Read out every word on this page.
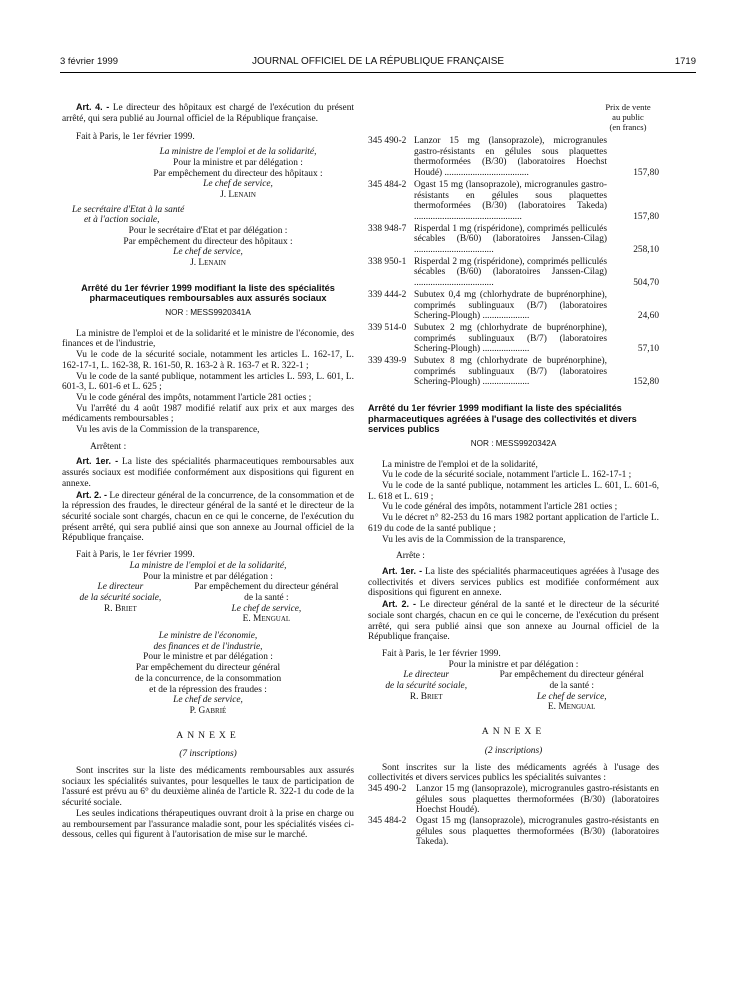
3 février 1999	JOURNAL OFFICIEL DE LA RÉPUBLIQUE FRANÇAISE	1719

Art. 4. - Le directeur des hôpitaux est chargé de l'exécution du présent arrêté, qui sera publié au Journal officiel de la République française.

Fait à Paris, le 1er février 1999.

La ministre de l'emploi et de la solidarité,
Pour la ministre et par délégation :
Par empêchement du directeur des hôpitaux :
Le chef de service,
J. Lenain
Le secrétaire d'Etat à la santé
et à l'action sociale,
Pour le secrétaire d'Etat et par délégation :
Par empêchement du directeur des hôpitaux :
Le chef de service,
J. Lenain
Arrêté du 1er février 1999 modifiant la liste des spécialités pharmaceutiques remboursables aux assurés sociaux
NOR : MESS9920341A

La ministre de l'emploi et de la solidarité et le ministre de l'économie, des finances et de l'industrie,

Vu le code de la sécurité sociale, notamment les articles L. 162-17, L. 162-17-1, L. 162-38, R. 161-50, R. 163-2 à R. 163-7 et R. 322-1 ;

Vu le code de la santé publique, notamment les articles L. 593, L. 601, L. 601-3, L. 601-6 et L. 625 ;

Vu le code général des impôts, notamment l'article 281 octies ;

Vu l'arrêté du 4 août 1987 modifié relatif aux prix et aux marges des médicaments remboursables ;

Vu les avis de la Commission de la transparence,

Arrêtent :

Art. 1er. - La liste des spécialités pharmaceutiques remboursables aux assurés sociaux est modifiée conformément aux dispositions qui figurent en annexe.

Art. 2. - Le directeur général de la concurrence, de la consommation et de la répression des fraudes, le directeur général de la santé et le directeur de la sécurité sociale sont chargés, chacun en ce qui le concerne, de l'exécution du présent arrêté, qui sera publié ainsi que son annexe au Journal officiel de la République française.

Fait à Paris, le 1er février 1999.

La ministre de l'emploi et de la solidarité,
Pour la ministre et par délégation :
Le directeur
de la sécurité sociale,
R. Briet

Par empêchement du directeur général
de la santé :
Le chef de service,
E. Mengual
Le ministre de l'économie,
des finances et de l'industrie,
Pour le ministre et par délégation :
Par empêchement du directeur général
de la concurrence, de la consommation
et de la répression des fraudes :
Le chef de service,
P. Gabrié
ANNEXE
(7 inscriptions)

Sont inscrites sur la liste des médicaments remboursables aux assurés sociaux les spécialités suivantes, pour lesquelles le taux de participation de l'assuré est prévu au 6° du deuxième alinéa de l'article R. 322-1 du code de la sécurité sociale.

Les seules indications thérapeutiques ouvrant droit à la prise en charge ou au remboursement par l'assurance maladie sont, pour les spécialités visées ci-dessous, celles qui figurent à l'autorisation de mise sur le marché.

Prix de vente
au public
(en francs)
345 490-2 Lanzor 15 mg (lansoprazole), microgranules gastro-résistants en gélules sous plaquettes thermoformées (B/30) (laboratoires Hoechst Houdé) ....................................	157,80
345 484-2 Ogast 15 mg (lansoprazole), microgranules gastro-résistants en gélules sous plaquettes thermoformées (B/30) (laboratoires Takeda) ..............................................	157,80
338 948-7 Risperdal 1 mg (rispéridone), comprimés pelliculés sécables (B/60) (laboratoires Janssen-Cilag) ..................................	258,10
338 950-1 Risperdal 2 mg (rispéridone), comprimés pelliculés sécables (B/60) (laboratoires Janssen-Cilag) ..................................	504,70
339 444-2 Subutex 0,4 mg (chlorhydrate de buprénorphine), comprimés sublinguaux (B/7) (laboratoires Schering-Plough) ....................	24,60
339 514-0 Subutex 2 mg (chlorhydrate de buprénorphine), comprimés sublinguaux (B/7) (laboratoires Schering-Plough) ....................	57,10
339 439-9 Subutex 8 mg (chlorhydrate de buprénorphine), comprimés sublinguaux (B/7) (laboratoires Schering-Plough) ....................	152,80
Arrêté du 1er février 1999 modifiant la liste des spécialités pharmaceutiques agréées à l'usage des collectivités et divers services publics
NOR : MESS9920342A

La ministre de l'emploi et de la solidarité,

Vu le code de la sécurité sociale, notamment l'article L. 162-17-1 ;

Vu le code de la santé publique, notamment les articles L. 601, L. 601-6, L. 618 et L. 619 ;

Vu le code général des impôts, notamment l'article 281 octies ;

Vu le décret n° 82-253 du 16 mars 1982 portant application de l'article L. 619 du code de la santé publique ;

Vu les avis de la Commission de la transparence,

Arrête :

Art. 1er. - La liste des spécialités pharmaceutiques agréées à l'usage des collectivités et divers services publics est modifiée conformément aux dispositions qui figurent en annexe.

Art. 2. - Le directeur général de la santé et le directeur de la sécurité sociale sont chargés, chacun en ce qui le concerne, de l'exécution du présent arrêté, qui sera publié ainsi que son annexe au Journal officiel de la République française.

Fait à Paris, le 1er février 1999.

Pour la ministre et par délégation :
Le directeur
de la sécurité sociale,
R. Briet

Par empêchement du directeur général
de la santé :
Le chef de service,
E. Mengual
ANNEXE
(2 inscriptions)

Sont inscrites sur la liste des médicaments agréés à l'usage des collectivités et divers services publics les spécialités suivantes :

345 490-2 Lanzor 15 mg (lansoprazole), microgranules gastro-résistants en gélules sous plaquettes thermoformées (B/30) (laboratoires Hoechst Houdé).
345 484-2 Ogast 15 mg (lansoprazole), microgranules gastro-résistants en gélules sous plaquettes thermoformées (B/30) (laboratoires Takeda).
